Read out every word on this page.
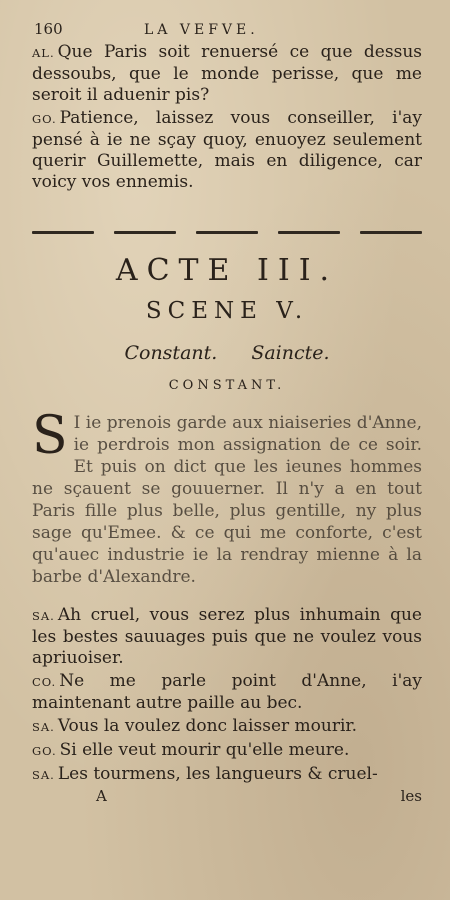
160	LA VEFVE.

AL. Que Paris soit renuersé ce que dessus dessoubs, que le monde perisse, que me seroit il aduenir pis?

GO. Patience, laissez vous conseiller, i'ay pensé à ie ne sçay quoy, enuoyez seulement querir Guillemette, mais en diligence, car voicy vos ennemis.

ACTE III.
SCENE V.
Constant. Saincte.
CONSTANT.

S I ie prenois garde aux niaiseries d'Anne, ie perdrois mon assignation de ce soir. Et puis on dict que les ieunes hommes ne sçauent se gouuerner. Il n'y a en tout Paris fille plus belle, plus gentille, ny plus sage qu'Emee. & ce qui me conforte, c'est qu'auec industrie ie la rendray mienne à la barbe d'Alexandre.

SA. Ah cruel, vous serez plus inhumain que les bestes sauuages puis que ne voulez vous apriuoiser.

CO. Ne me parle point d'Anne, i'ay maintenant autre paille au bec.

SA. Vous la voulez donc laisser mourir.

GO. Si elle veut mourir qu'elle meure.

SA. Les tourmens, les langueurs & cruel-

A	les
